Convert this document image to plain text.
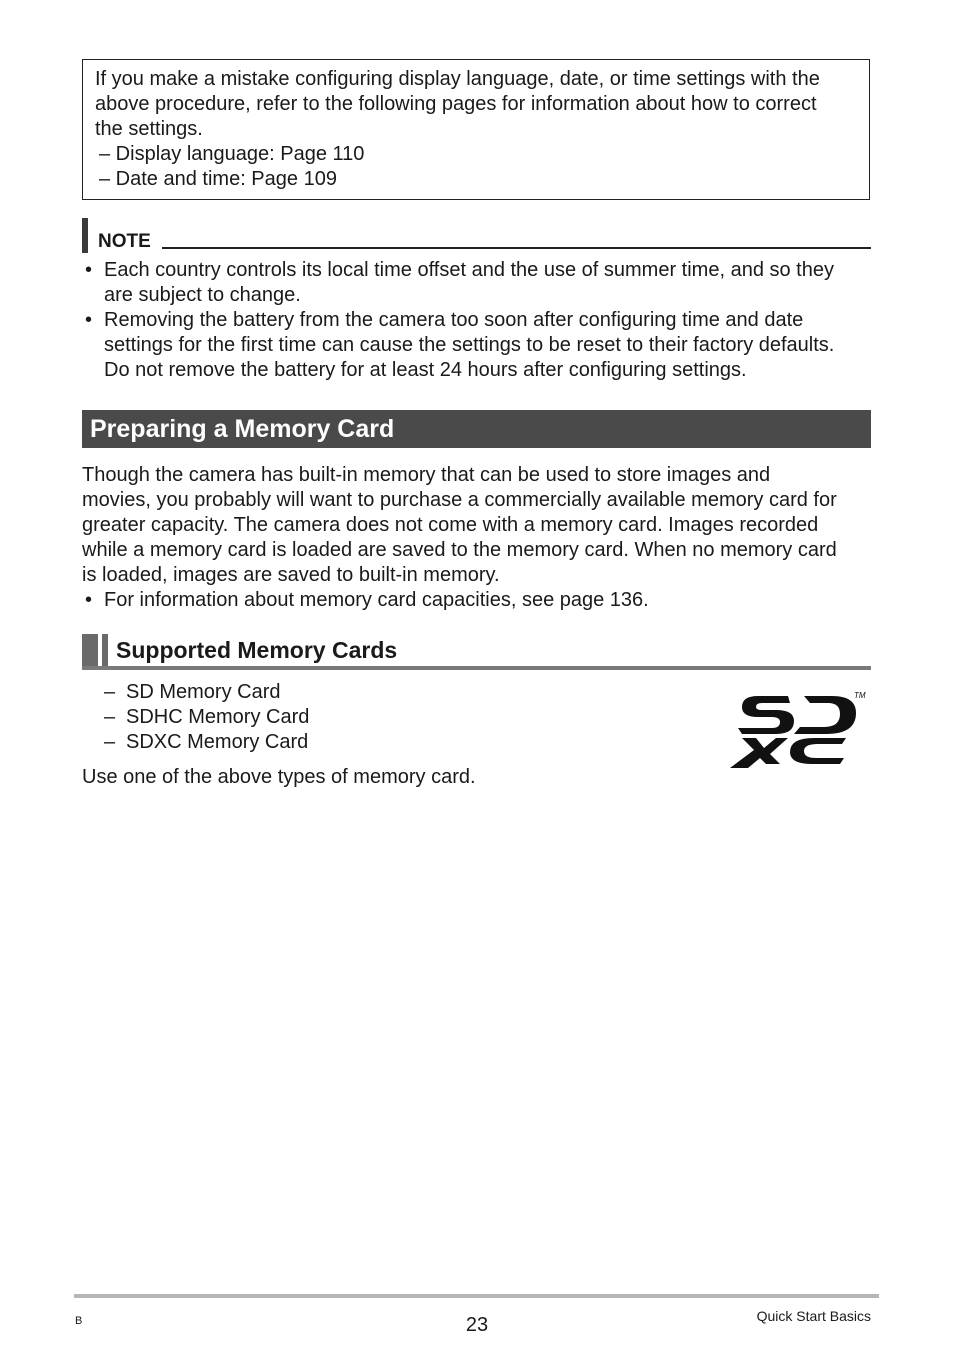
If you make a mistake configuring display language, date, or time settings with the

above procedure, refer to the following pages for information about how to correct

the settings.

– Display language: Page 110

– Date and time: Page 109

NOTE
• Each country controls its local time offset and the use of summer time, and so they
are subject to change.
• Removing the battery from the camera too soon after configuring time and date
settings for the first time can cause the settings to be reset to their factory defaults.
Do not remove the battery for at least 24 hours after configuring settings.
Preparing a Memory Card
Though the camera has built-in memory that can be used to store images and
movies, you probably will want to purchase a commercially available memory card for
greater capacity. The camera does not come with a memory card. Images recorded
while a memory card is loaded are saved to the memory card. When no memory card
is loaded, images are saved to built-in memory.
• For information about memory card capacities, see page 136.
Supported Memory Cards
– SD Memory Card
– SDHC Memory Card
– SDXC Memory Card
Use one of the above types of memory card.
TM
B	23	Quick Start Basics
